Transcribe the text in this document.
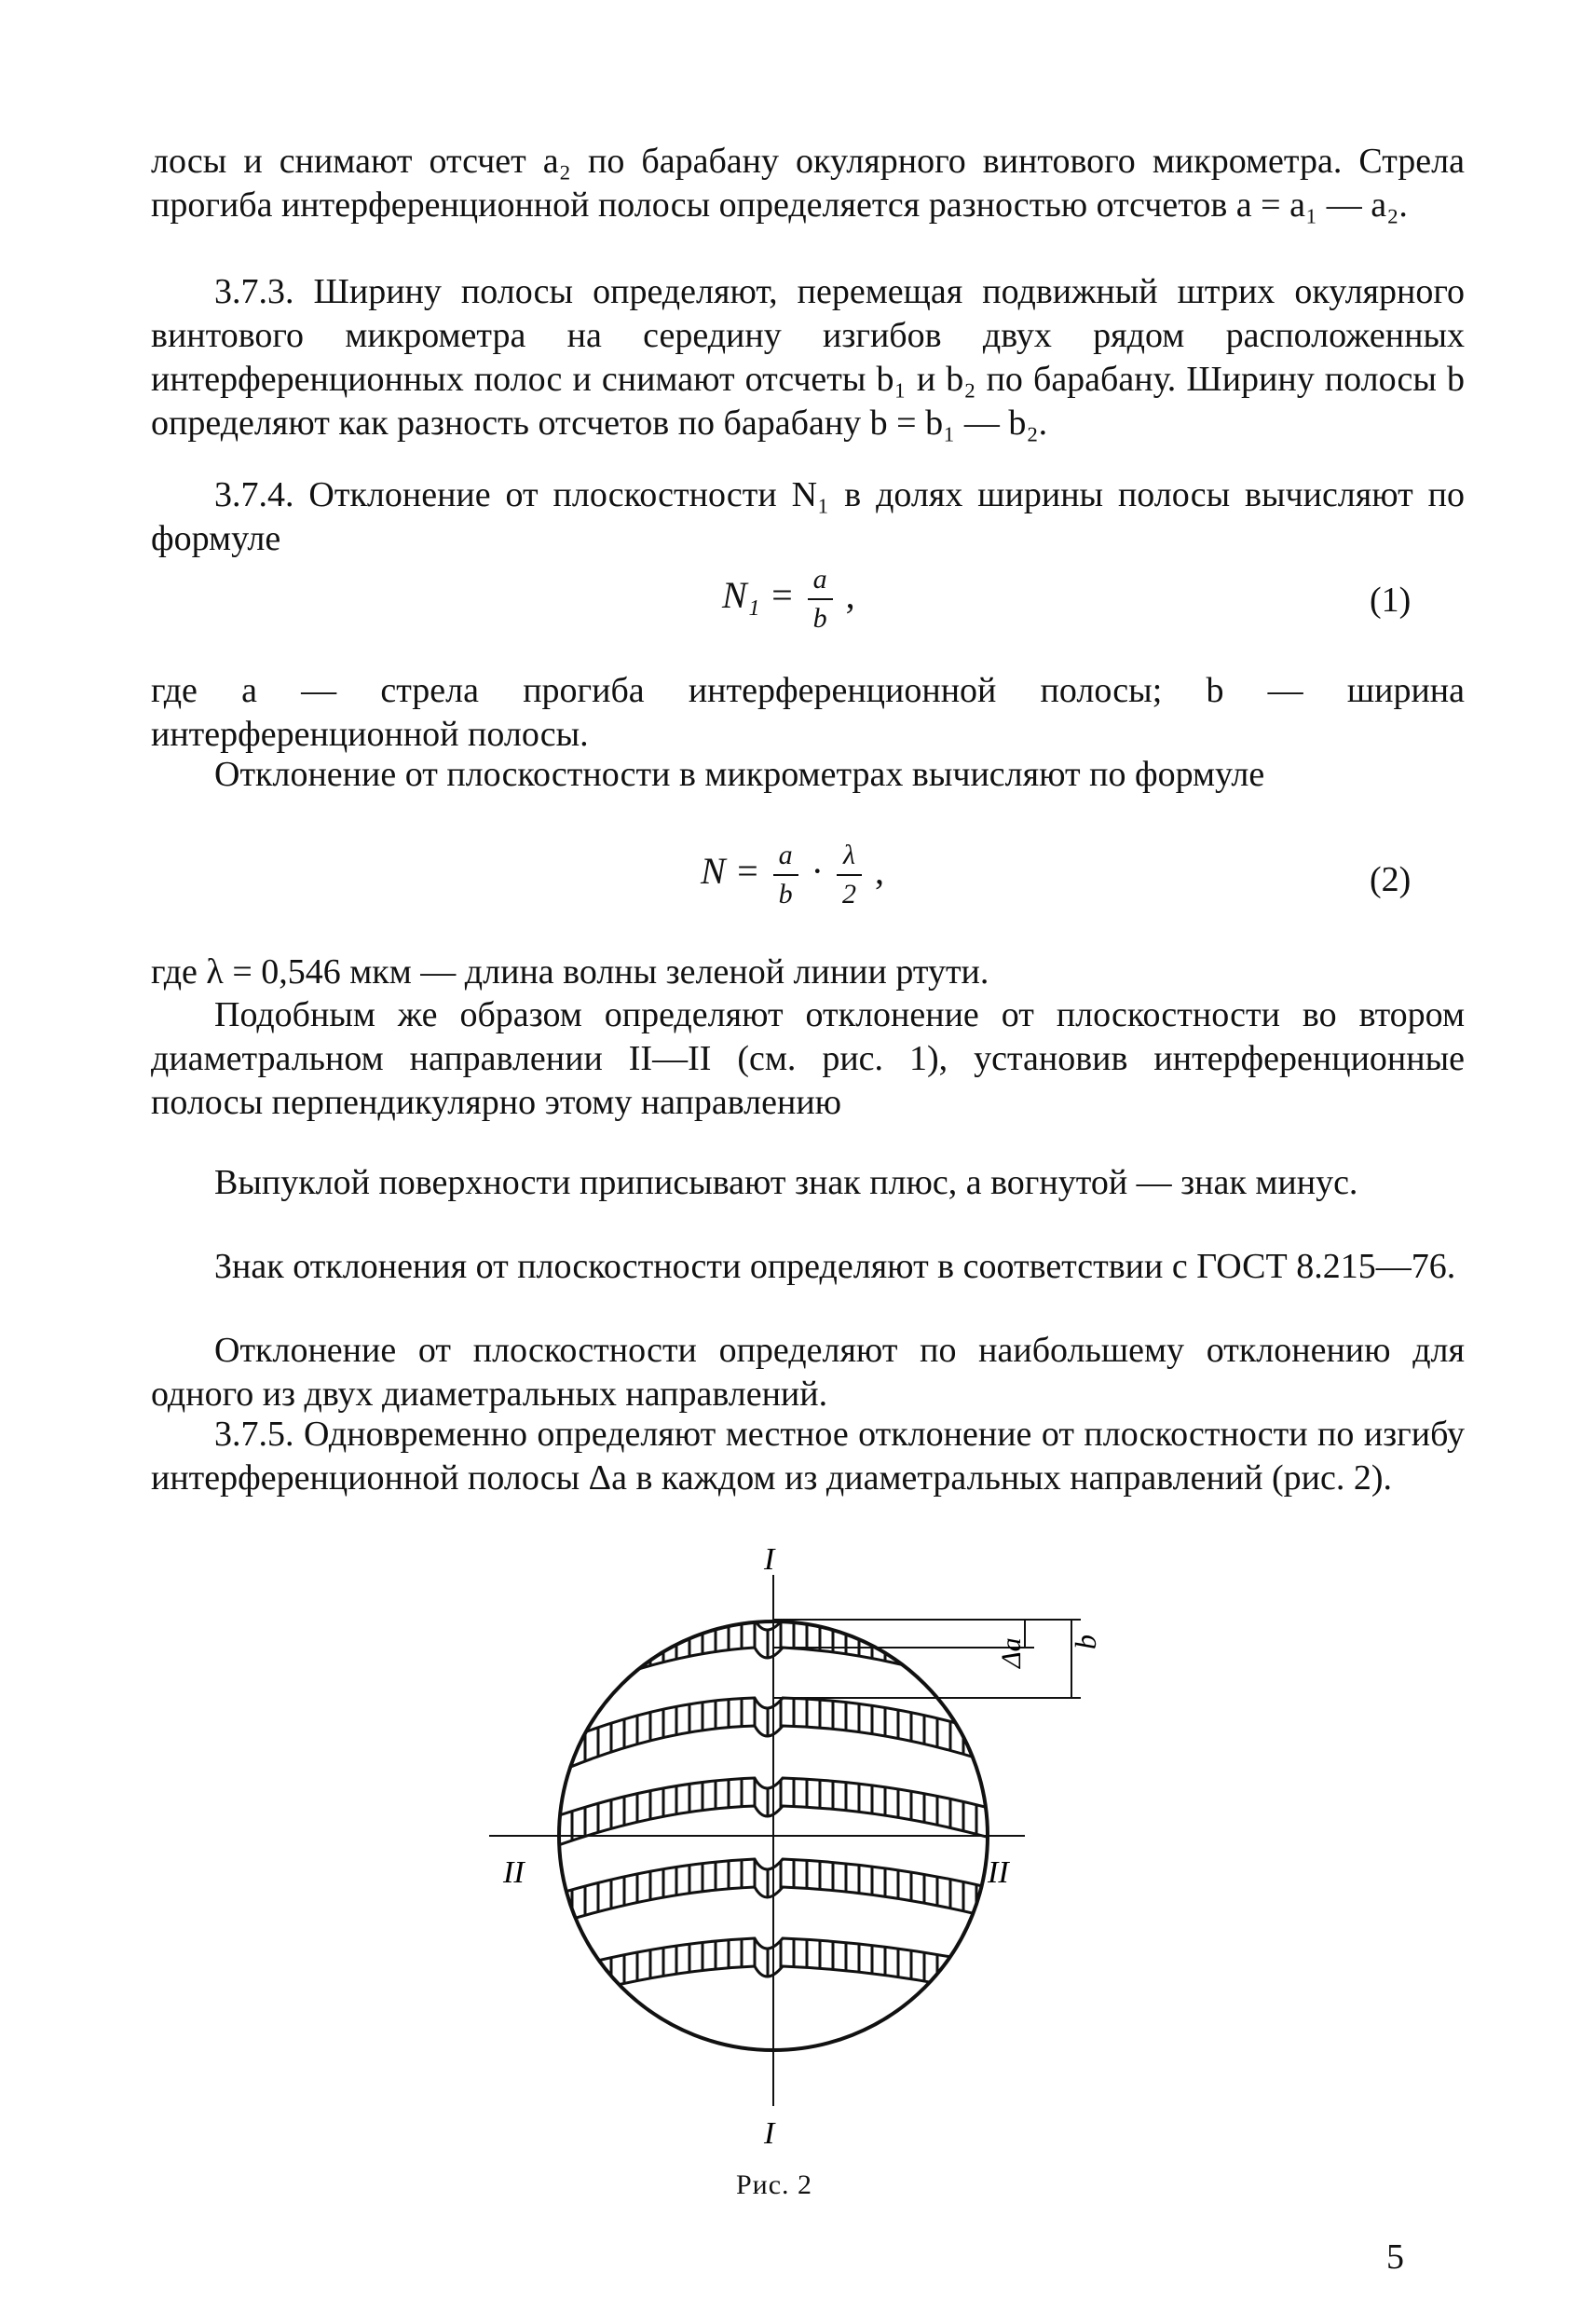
лосы и снимают отсчет a₂ по барабану окулярного винтового микрометра. Стрела прогиба интерференционной полосы определяется разностью отсчетов a = a₁ — a₂.

3.7.3. Ширину полосы определяют, перемещая подвижный штрих окулярного винтового микрометра на середину изгибов двух рядом расположенных интерференционных полос и снимают отсчеты b₁ и b₂ по барабану. Ширину полосы b определяют как разность отсчетов по барабану b = b₁ — b₂.

3.7.4. Отклонение от плоскостности N₁ в долях ширины полосы вычисляют по формуле

$N_1 = \frac{a}{b}$ ,	(1)

где a — стрела прогиба интерференционной полосы; b — ширина интерференционной полосы.

Отклонение от плоскостности в микрометрах вычисляют по формуле

$N = \frac{a}{b} \cdot \frac{\lambda}{2}$ ,	(2)

где λ = 0,546 мкм — длина волны зеленой линии ртути.

Подобным же образом определяют отклонение от плоскостности во втором диаметральном направлении II—II (см. рис. 1), установив интерференционные полосы перпендикулярно этому направлению

Выпуклой поверхности приписывают знак плюс, а вогнутой — знак минус.

Знак отклонения от плоскостности определяют в соответствии с ГОСТ 8.215—76.

Отклонение от плоскостности определяют по наибольшему отклонению для одного из двух диаметральных направлений.

3.7.5. Одновременно определяют местное отклонение от плоскостности по изгибу интерференционной полосы Δa в каждом из диаметральных направлений (рис. 2).

I
I
II	II
Δa b
Рис. 2
5
